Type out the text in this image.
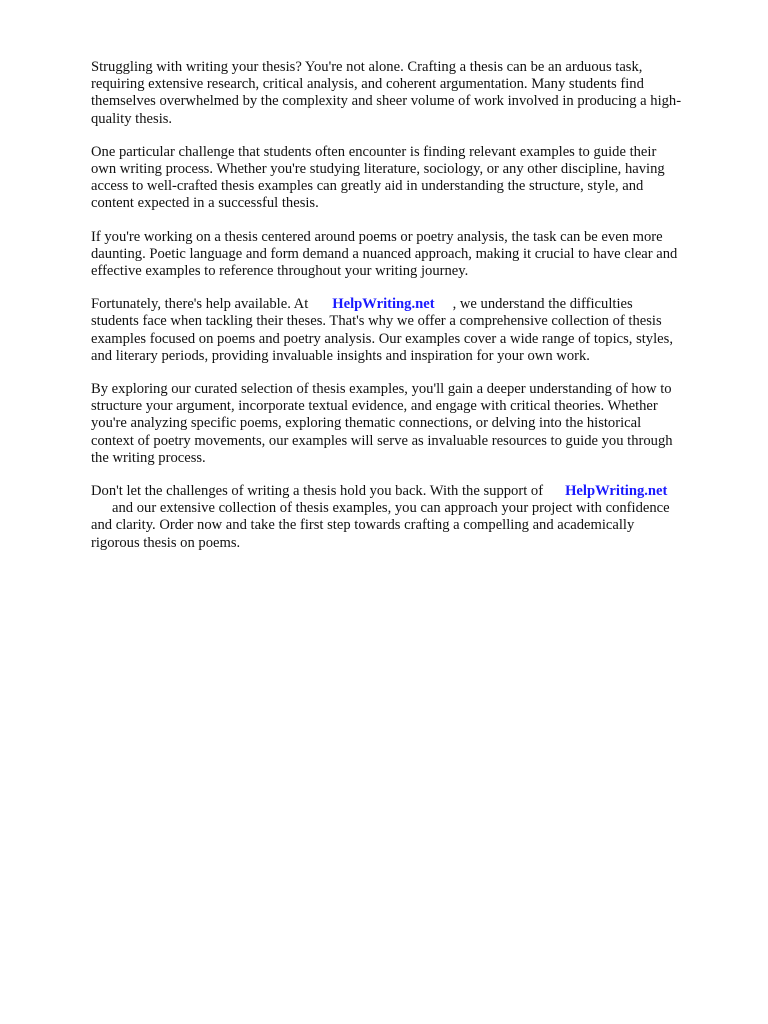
Struggling with writing your thesis? You're not alone. Crafting a thesis can be an arduous task,
requiring extensive research, critical analysis, and coherent argumentation. Many students find
themselves overwhelmed by the complexity and sheer volume of work involved in producing a high-
quality thesis.

One particular challenge that students often encounter is finding relevant examples to guide their
own writing process. Whether you're studying literature, sociology, or any other discipline, having
access to well-crafted thesis examples can greatly aid in understanding the structure, style, and
content expected in a successful thesis.

If you're working on a thesis centered around poems or poetry analysis, the task can be even more
daunting. Poetic language and form demand a nuanced approach, making it crucial to have clear and
effective examples to reference throughout your writing journey.

Fortunately, there's help available. At HelpWriting.net , we understand the difficulties
students face when tackling their theses. That's why we offer a comprehensive collection of thesis
examples focused on poems and poetry analysis. Our examples cover a wide range of topics, styles,
and literary periods, providing invaluable insights and inspiration for your own work.

By exploring our curated selection of thesis examples, you'll gain a deeper understanding of how to
structure your argument, incorporate textual evidence, and engage with critical theories. Whether
you're analyzing specific poems, exploring thematic connections, or delving into the historical
context of poetry movements, our examples will serve as invaluable resources to guide you through
the writing process.

Don't let the challenges of writing a thesis hold you back. With the support of HelpWriting.net
and our extensive collection of thesis examples, you can approach your project with confidence
and clarity. Order now and take the first step towards crafting a compelling and academically
rigorous thesis on poems.
